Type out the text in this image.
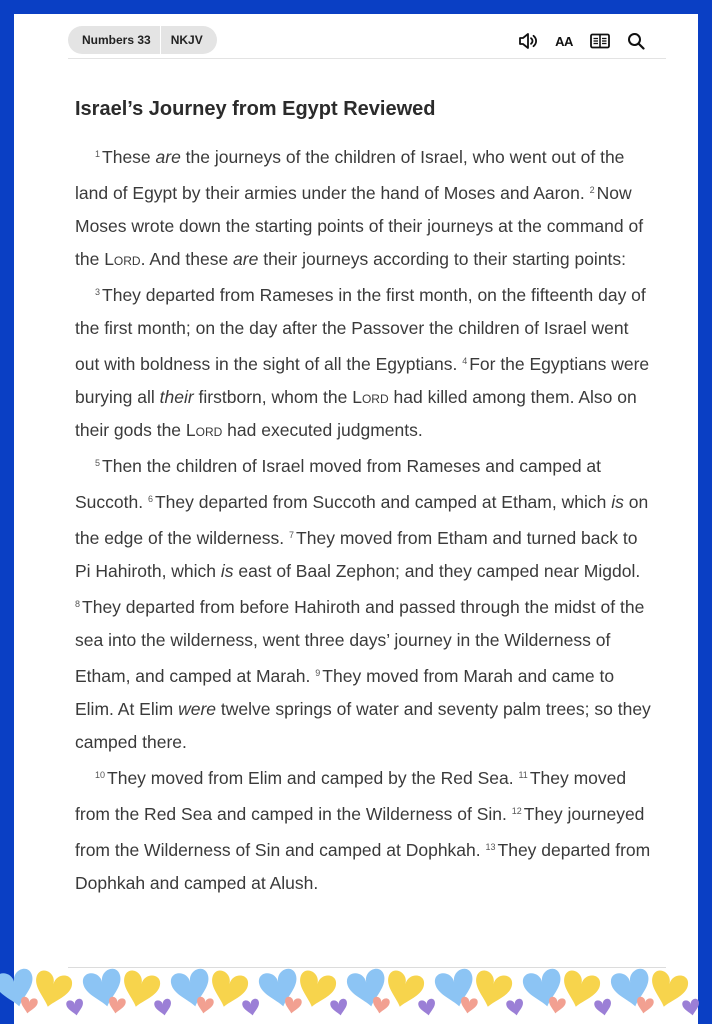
Numbers 33	NKJV	AA
Israel’s Journey from Egypt Reviewed

$^1$ These are the journeys of the children of Israel, who went out of the land of Egypt by their armies under the hand of Moses and Aaron. $^2$ Now Moses wrote down the starting points of their journeys at the command of the Lord. And these are their journeys according to their starting points:

$^3$ They departed from Rameses in the first month, on the fifteenth day of the first month; on the day after the Passover the children of Israel went out with boldness in the sight of all the Egyptians. $^4$ For the Egyptians were burying all their firstborn, whom the Lord had killed among them. Also on their gods the Lord had executed judgments.

$^5$ Then the children of Israel moved from Rameses and camped at Succoth. $^6$ They departed from Succoth and camped at Etham, which is on the edge of the wilderness. $^7$ They moved from Etham and turned back to Pi Hahiroth, which is east of Baal Zephon; and they camped near Migdol. $^8$ They departed from before Hahiroth and passed through the midst of the sea into the wilderness, went three days’ journey in the Wilderness of Etham, and camped at Marah. $^9$ They moved from Marah and came to Elim. At Elim were twelve springs of water and seventy palm trees; so they camped there.

$^{10}$ They moved from Elim and camped by the Red Sea. $^{11}$ They moved from the Red Sea and camped in the Wilderness of Sin. $^{12}$ They journeyed from the Wilderness of Sin and camped at Dophkah. $^{13}$ They departed from Dophkah and camped at Alush.
